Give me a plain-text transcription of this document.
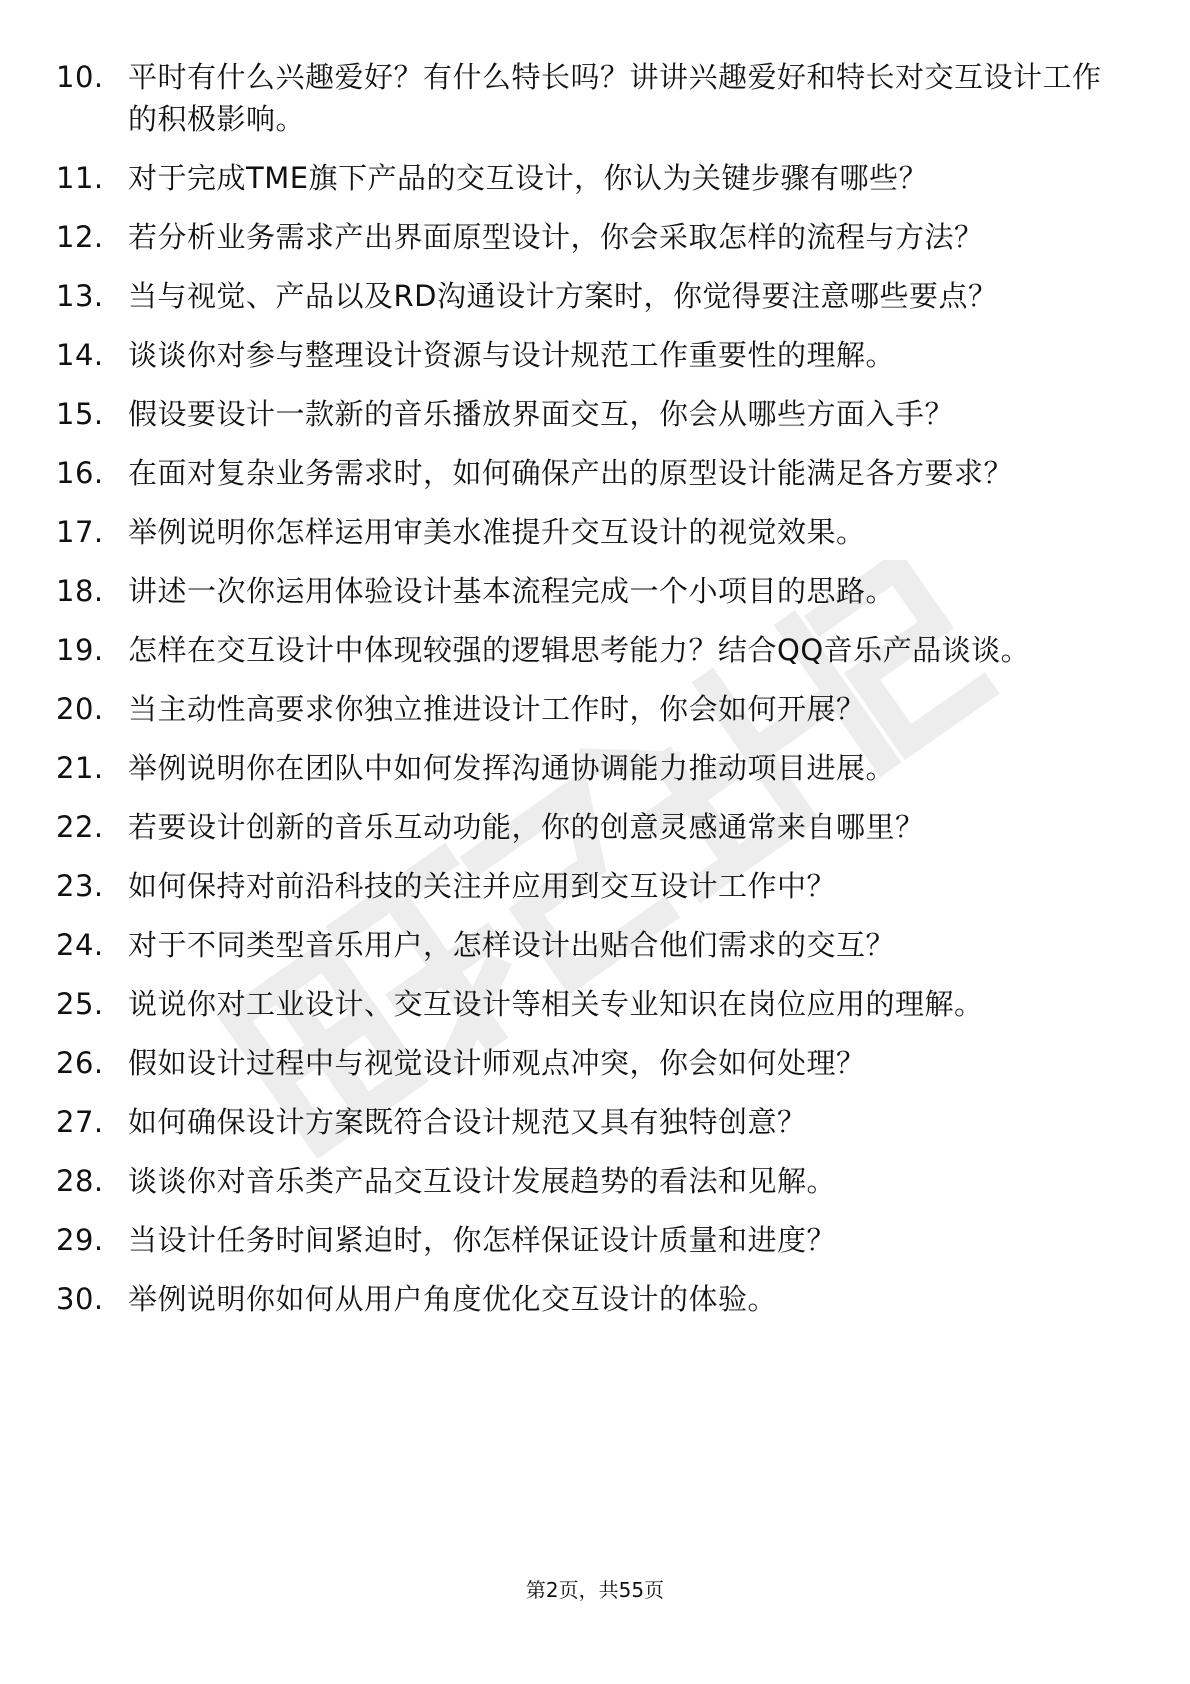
10. 平时有什么兴趣爱好？有什么特长吗？讲讲兴趣爱好和特长对交互设计工作的积极影响。
11. 对于完成TME旗下产品的交互设计，你认为关键步骤有哪些？
12. 若分析业务需求产出界面原型设计，你会采取怎样的流程与方法？
13. 当与视觉、产品以及RD沟通设计方案时，你觉得要注意哪些要点？
14. 谈谈你对参与整理设计资源与设计规范工作重要性的理解。
15. 假设要设计一款新的音乐播放界面交互，你会从哪些方面入手？
16. 在面对复杂业务需求时，如何确保产出的原型设计能满足各方要求？
17. 举例说明你怎样运用审美水准提升交互设计的视觉效果。
18. 讲述一次你运用体验设计基本流程完成一个小项目的思路。
19. 怎样在交互设计中体现较强的逻辑思考能力？结合QQ音乐产品谈谈。
20. 当主动性高要求你独立推进设计工作时，你会如何开展？
21. 举例说明你在团队中如何发挥沟通协调能力推动项目进展。
22. 若要设计创新的音乐互动功能，你的创意灵感通常来自哪里？
23. 如何保持对前沿科技的关注并应用到交互设计工作中？
24. 对于不同类型音乐用户，怎样设计出贴合他们需求的交互？
25. 说说你对工业设计、交互设计等相关专业知识在岗位应用的理解。
26. 假如设计过程中与视觉设计师观点冲突，你会如何处理？
27. 如何确保设计方案既符合设计规范又具有独特创意？
28. 谈谈你对音乐类产品交互设计发展趋势的看法和见解。
29. 当设计任务时间紧迫时，你怎样保证设计质量和进度？
30. 举例说明你如何从用户角度优化交互设计的体验。
第2页，共55页
